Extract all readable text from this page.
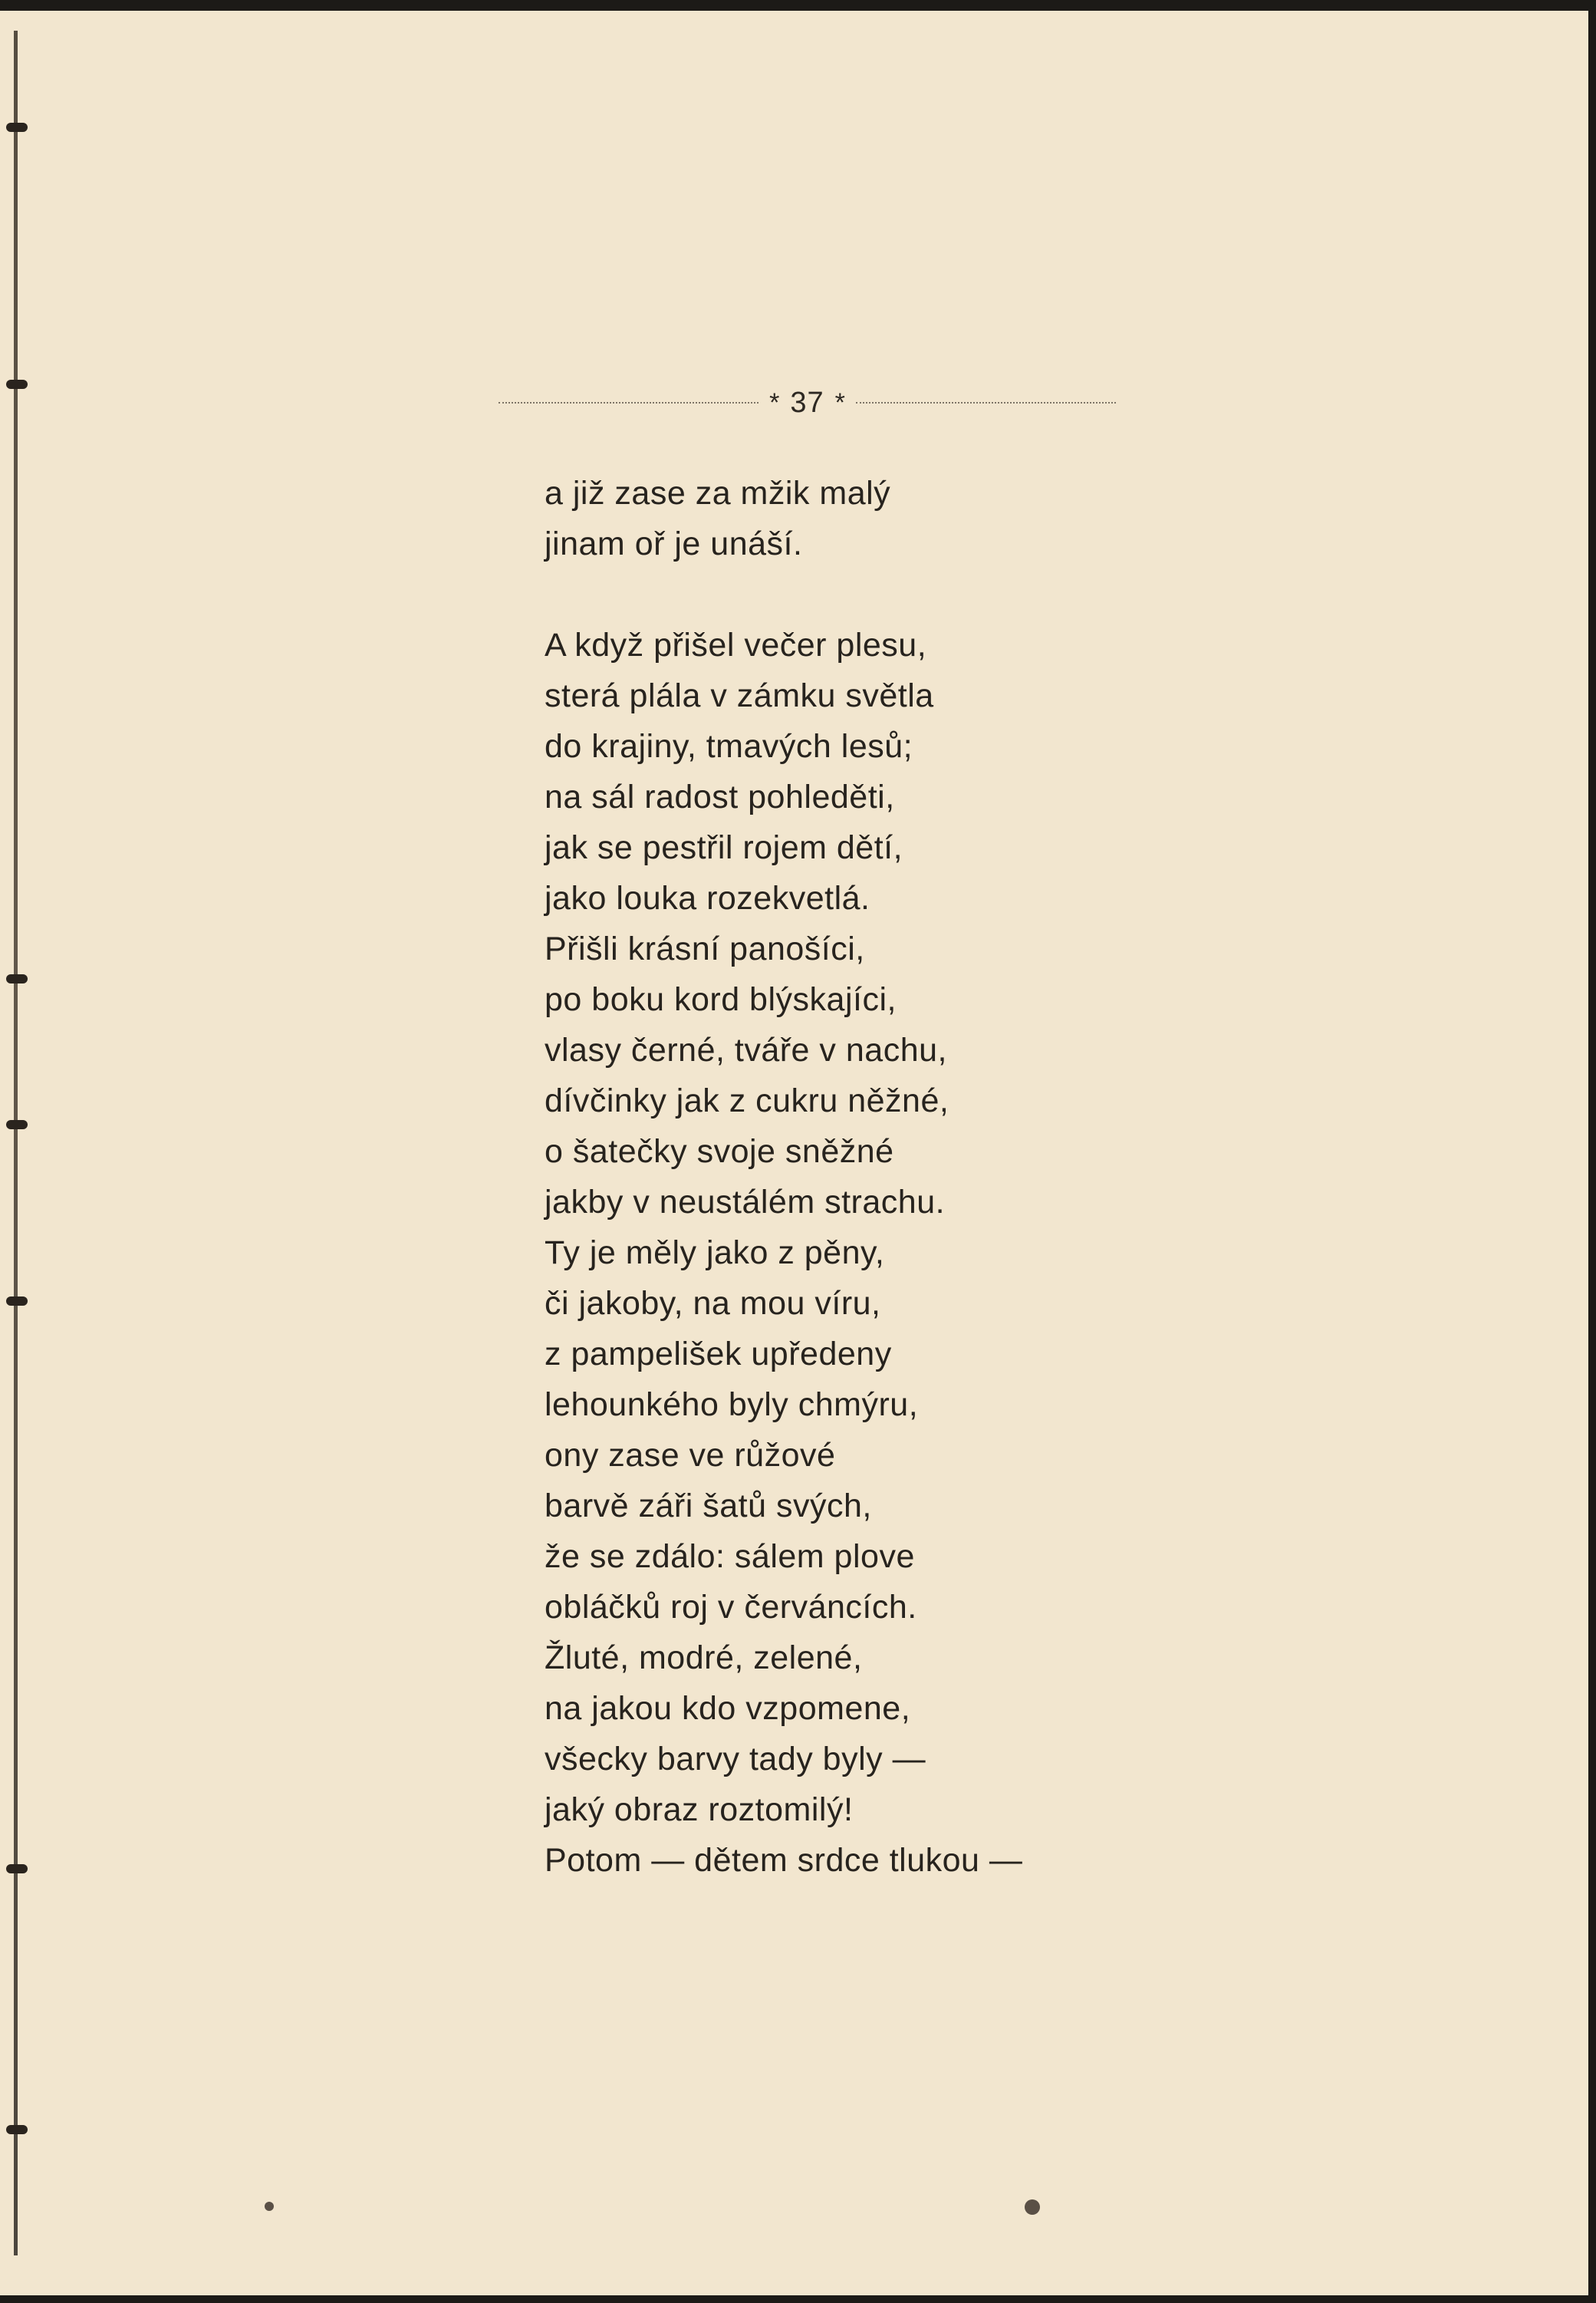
* 37 *
a již zase za mžik malý
jinam oř je unáší.
A když přišel večer plesu,
sterá plála v zámku světla
do krajiny, tmavých lesů;
na sál radost pohleděti,
jak se pestřil rojem dětí,
jako louka rozekvetlá.
Přišli krásní panošíci,
po boku kord blýskajíci,
vlasy černé, tváře v nachu,
dívčinky jak z cukru něžné,
o šatečky svoje sněžné
jakby v neustálém strachu.
Ty je měly jako z pěny,
či jakoby, na mou víru,
z pampelišek upředeny
lehounkého byly chmýru,
ony zase ve růžové
barvě záři šatů svých,
že se zdálo: sálem plove
obláčků roj v červáncích.
Žluté, modré, zelené,
na jakou kdo vzpomene,
všecky barvy tady byly —
jaký obraz roztomilý!
Potom — dětem srdce tlukou —
